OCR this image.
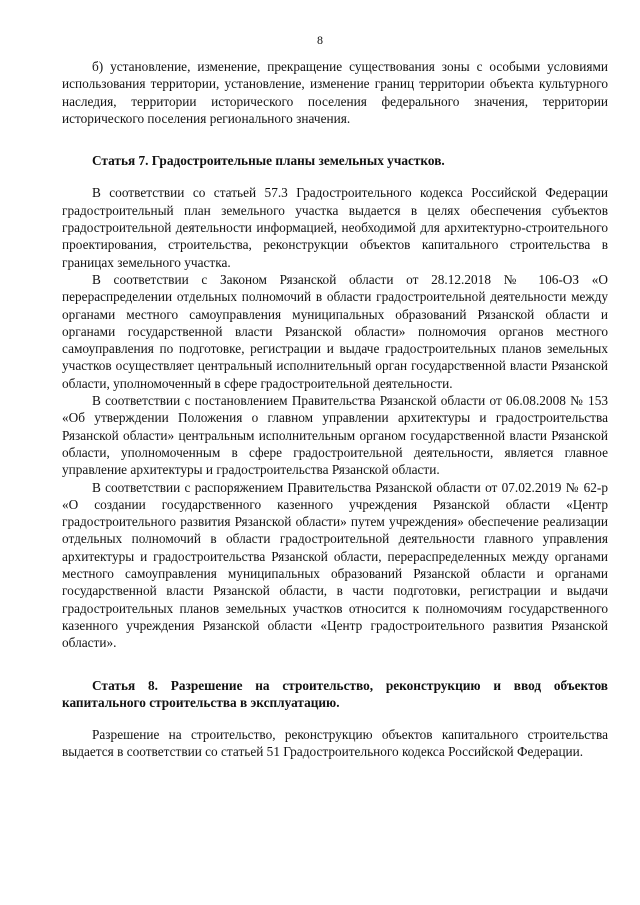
8

б) установление, изменение, прекращение существования зоны с особыми условиями использования территории, установление, изменение границ территории объекта культурного наследия, территории исторического поселения федерального значения, территории исторического поселения регионального значения.

Статья 7. Градостроительные планы земельных участков.

В соответствии со статьей 57.3 Градостроительного кодекса Российской Федерации градостроительный план земельного участка выдается в целях обеспечения субъектов градостроительной деятельности информацией, необходимой для архитектурно-строительного проектирования, строительства, реконструкции объектов капитального строительства в границах земельного участка.

В соответствии с Законом Рязанской области от 28.12.2018 № 106-ОЗ «О перераспределении отдельных полномочий в области градостроительной деятельности между органами местного самоуправления муниципальных образований Рязанской области и органами государственной власти Рязанской области» полномочия органов местного самоуправления по подготовке, регистрации и выдаче градостроительных планов земельных участков осуществляет центральный исполнительный орган государственной власти Рязанской области, уполномоченный в сфере градостроительной деятельности.

В соответствии с постановлением Правительства Рязанской области от 06.08.2008 № 153 «Об утверждении Положения о главном управлении архитектуры и градостроительства Рязанской области» центральным исполнительным органом государственной власти Рязанской области, уполномоченным в сфере градостроительной деятельности, является главное управление архитектуры и градостроительства Рязанской области.

В соответствии с распоряжением Правительства Рязанской области от 07.02.2019 № 62-р «О создании государственного казенного учреждения Рязанской области «Центр градостроительного развития Рязанской области» путем учреждения» обеспечение реализации отдельных полномочий в области градостроительной деятельности главного управления архитектуры и градостроительства Рязанской области, перераспределенных между органами местного самоуправления муниципальных образований Рязанской области и органами государственной власти Рязанской области, в части подготовки, регистрации и выдачи градостроительных планов земельных участков относится к полномочиям государственного казенного учреждения Рязанской области «Центр градостроительного развития Рязанской области».

Статья 8. Разрешение на строительство, реконструкцию и ввод объектов капитального строительства в эксплуатацию.

Разрешение на строительство, реконструкцию объектов капитального строительства выдается в соответствии со статьей 51 Градостроительного кодекса Российской Федерации.
